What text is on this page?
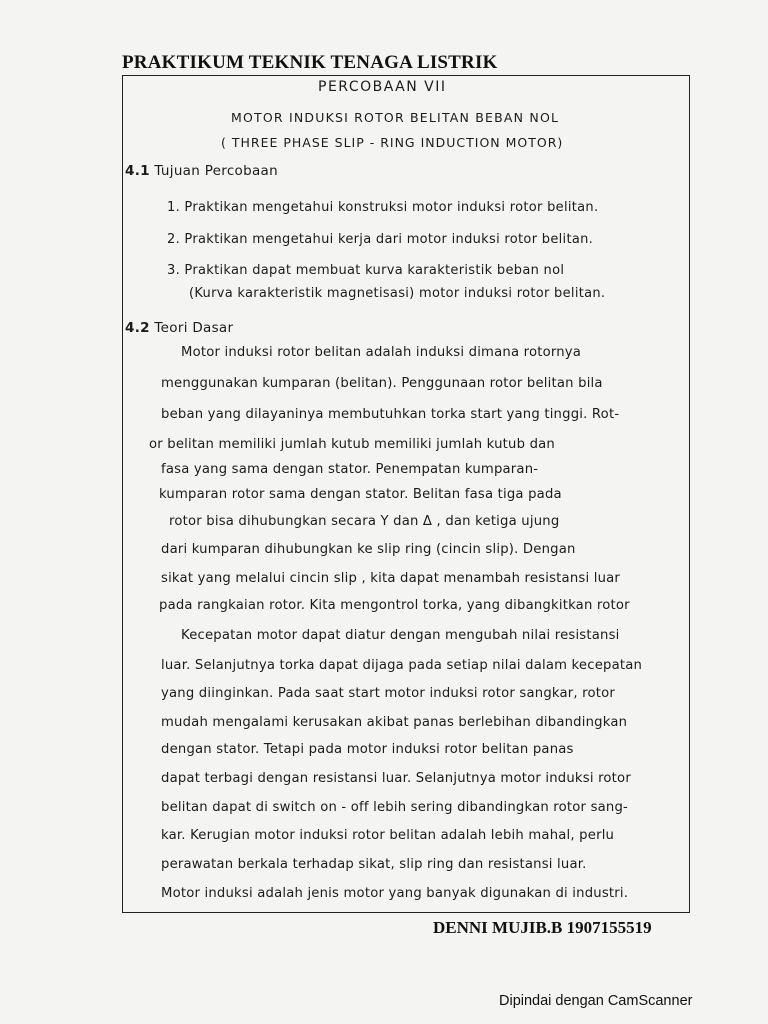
PRAKTIKUM TEKNIK TENAGA LISTRIK
PERCOBAAN VII
MOTOR INDUKSI ROTOR BELITAN BEBAN NOL
( THREE PHASE SLIP - RING INDUCTION MOTOR)
4.1 Tujuan Percobaan
1. Praktikan mengetahui konstruksi motor induksi rotor belitan.
2. Praktikan mengetahui kerja dari motor induksi rotor belitan.
3. Praktikan dapat membuat kurva karakteristik beban nol
(Kurva karakteristik magnetisasi) motor induksi rotor belitan.
4.2 Teori Dasar
Motor induksi rotor belitan adalah induksi dimana rotornya
menggunakan kumparan (belitan). Penggunaan rotor belitan bila
beban yang dilayaninya membutuhkan torka start yang tinggi. Rot-
or belitan memiliki jumlah kutub memiliki jumlah kutub dan
fasa yang sama dengan stator. Penempatan kumparan-
kumparan rotor sama dengan stator. Belitan fasa tiga pada
rotor bisa dihubungkan secara Y dan Δ , dan ketiga ujung
dari kumparan dihubungkan ke slip ring (cincin slip). Dengan
sikat yang melalui cincin slip , kita dapat menambah resistansi luar
pada rangkaian rotor. Kita mengontrol torka, yang dibangkitkan rotor
Kecepatan motor dapat diatur dengan mengubah nilai resistansi
luar. Selanjutnya torka dapat dijaga pada setiap nilai dalam kecepatan
yang diinginkan. Pada saat start motor induksi rotor sangkar, rotor
mudah mengalami kerusakan akibat panas berlebihan dibandingkan
dengan stator. Tetapi pada motor induksi rotor belitan panas
dapat terbagi dengan resistansi luar. Selanjutnya motor induksi rotor
belitan dapat di switch on - off lebih sering dibandingkan rotor sang-
kar. Kerugian motor induksi rotor belitan adalah lebih mahal, perlu
perawatan berkala terhadap sikat, slip ring dan resistansi luar.
Motor induksi adalah jenis motor yang banyak digunakan di industri.
DENNI MUJIB.B 1907155519
Dipindai dengan CamScanner
